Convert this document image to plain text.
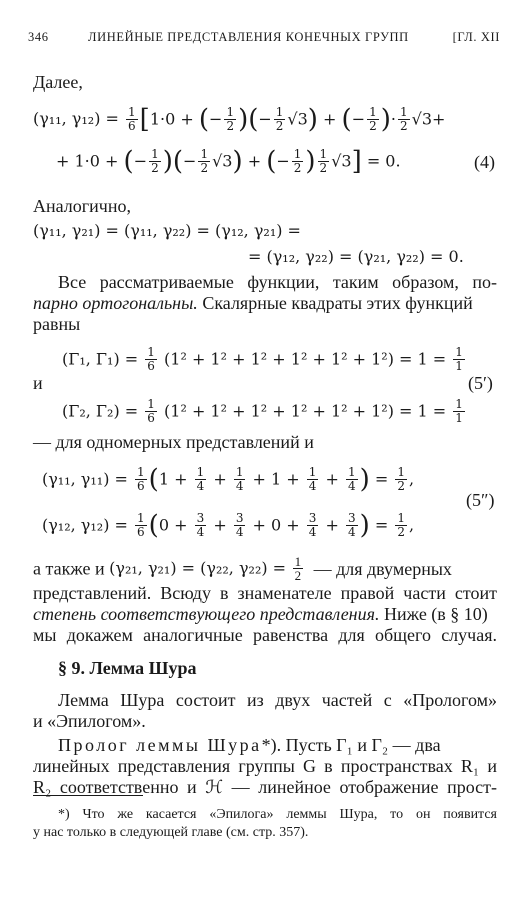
346	ЛИНЕЙНЫЕ ПРЕДСТАВЛЕНИЯ КОНЕЧНЫХ ГРУПП	[ГЛ. XII
Далее,
(γ₁₁, $\gamma_{12}) = \frac{1}{6} [1\cdot 0$ + (− $\frac{1}{2}$ )(− $\frac{1}{2} √3$) + (− $\frac{1}{2}$ )· $\frac{1}{2} √3+$
+ 1·0 + (− $\frac{1}{2}$ )(− $\frac{1}{2} √3$) + (− $\frac{1}{2}$ ) $\frac{1}{2} √3] = 0$.	(4)
Аналогично,
(γ₁₁, γ₂₁) = (γ₁₁, γ₂₂) = (γ₁₂, γ₂₁) =
= (γ₁₂, γ₂₂) = (γ₂₁, γ₂₂) = 0.
Все рассматриваемые функции, таким образом, по-
парно ортогональны. Скалярные квадраты этих функций
равны
(Γ₁, $\Gamma_1) = \frac{1}{6} (1^2 + 1^2 + 1^2 + 1^2 + 1^2 + 1^2) = 1 = \frac{1}{1}$
и	(5′)
(Γ₂, $\Gamma_2) = \frac{1}{6} (1^2 + 1^2 + 1^2 + 1^2 + 1^2 + 1^2) = 1 = \frac{1}{1}$
— для одномерных представлений и
(γ₁₁, $\gamma_{11}) = \frac{1}{6} (1 + \frac{1}{4} + \frac{1}{4} + 1 + \frac{1}{4} + \frac{1}{4}$ ) = $\frac{1}{2}$ ,
(5″)
(γ₁₂, $\gamma_{12}) = \frac{1}{6} (0 + \frac{3}{4} + \frac{3}{4} + 0 + \frac{3}{4} + \frac{3}{4}$ ) = $\frac{1}{2}$ ,
а также и (γ₂₁, γ₂₁) = (γ₂₂, $\gamma_{22}) = \frac{1}{2}$ — для двумерных
представлений. Всюду в знаменателе правой части стоит
степень соответствующего представления. Ниже (в § 10)
мы докажем аналогичные равенства для общего случая.
§ 9. Лемма Шура
Лемма Шура состоит из двух частей с «Прологом»
и «Эпилогом».
Пролог леммы Шура*). Пусть Γ₁ и Γ₂ — два
линейных представления группы G в пространствах R₁ и
R₂ соответственно и ℋ — линейное отображение прост-
*) Что же касается «Эпилога» леммы Шура, то он появится
у нас только в следующей главе (см. стр. 357).
